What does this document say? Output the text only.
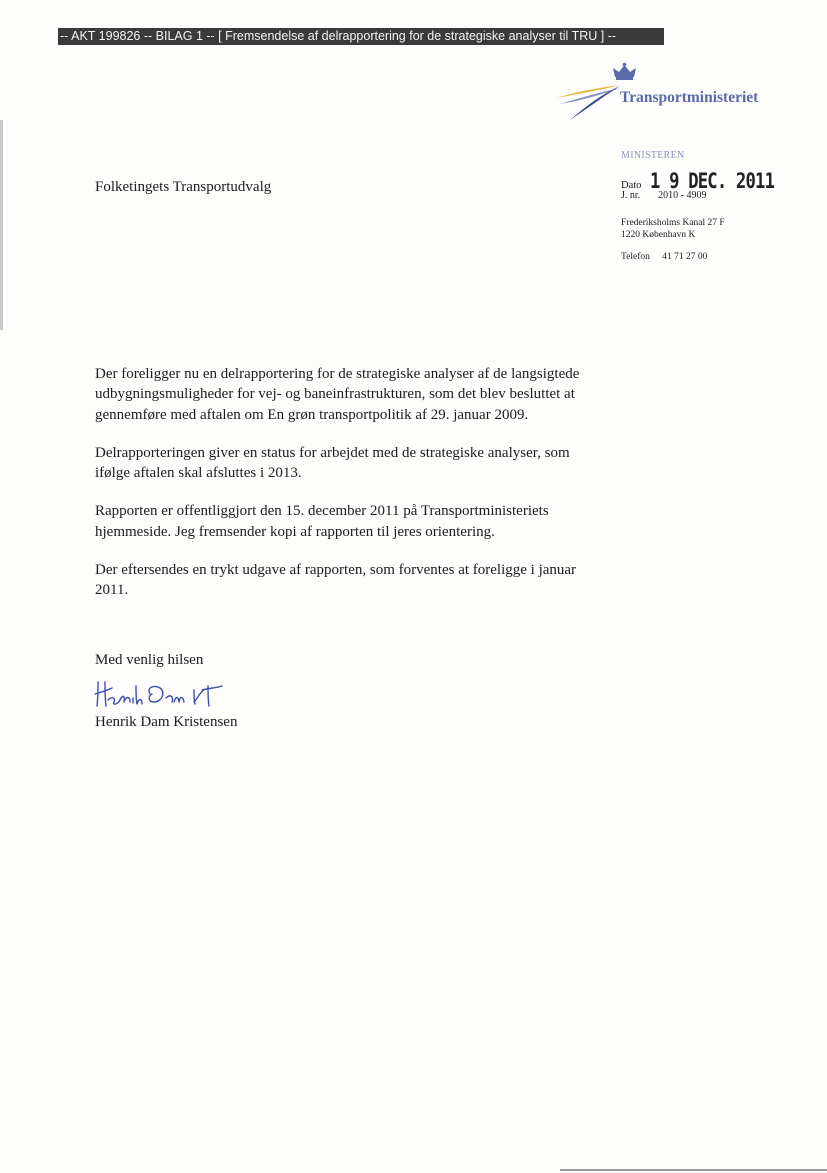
-- AKT 199826 -- BILAG 1 -- [ Fremsendelse af delrapportering for de strategiske analyser til TRU ] --
Transportministeriet
Folketingets Transportudvalg
MINISTEREN
Dato 1 9 DEC. 2011
J. nr. 2010 - 4909
Frederiksholms Kanal 27 F
1220 København K
Telefon 41 71 27 00

Der foreligger nu en delrapportering for de strategiske analyser af de langsigtede udbygningsmuligheder for vej- og baneinfrastrukturen, som det blev besluttet at gennemføre med aftalen om En grøn transportpolitik af 29. januar 2009.

Delrapporteringen giver en status for arbejdet med de strategiske analyser, som ifølge aftalen skal afsluttes i 2013.

Rapporten er offentliggjort den 15. december 2011 på Transportministeriets hjemmeside. Jeg fremsender kopi af rapporten til jeres orientering.

Der eftersendes en trykt udgave af rapporten, som forventes at foreligge i januar 2011.

Med venlig hilsen
Henrik Dam Kristensen
